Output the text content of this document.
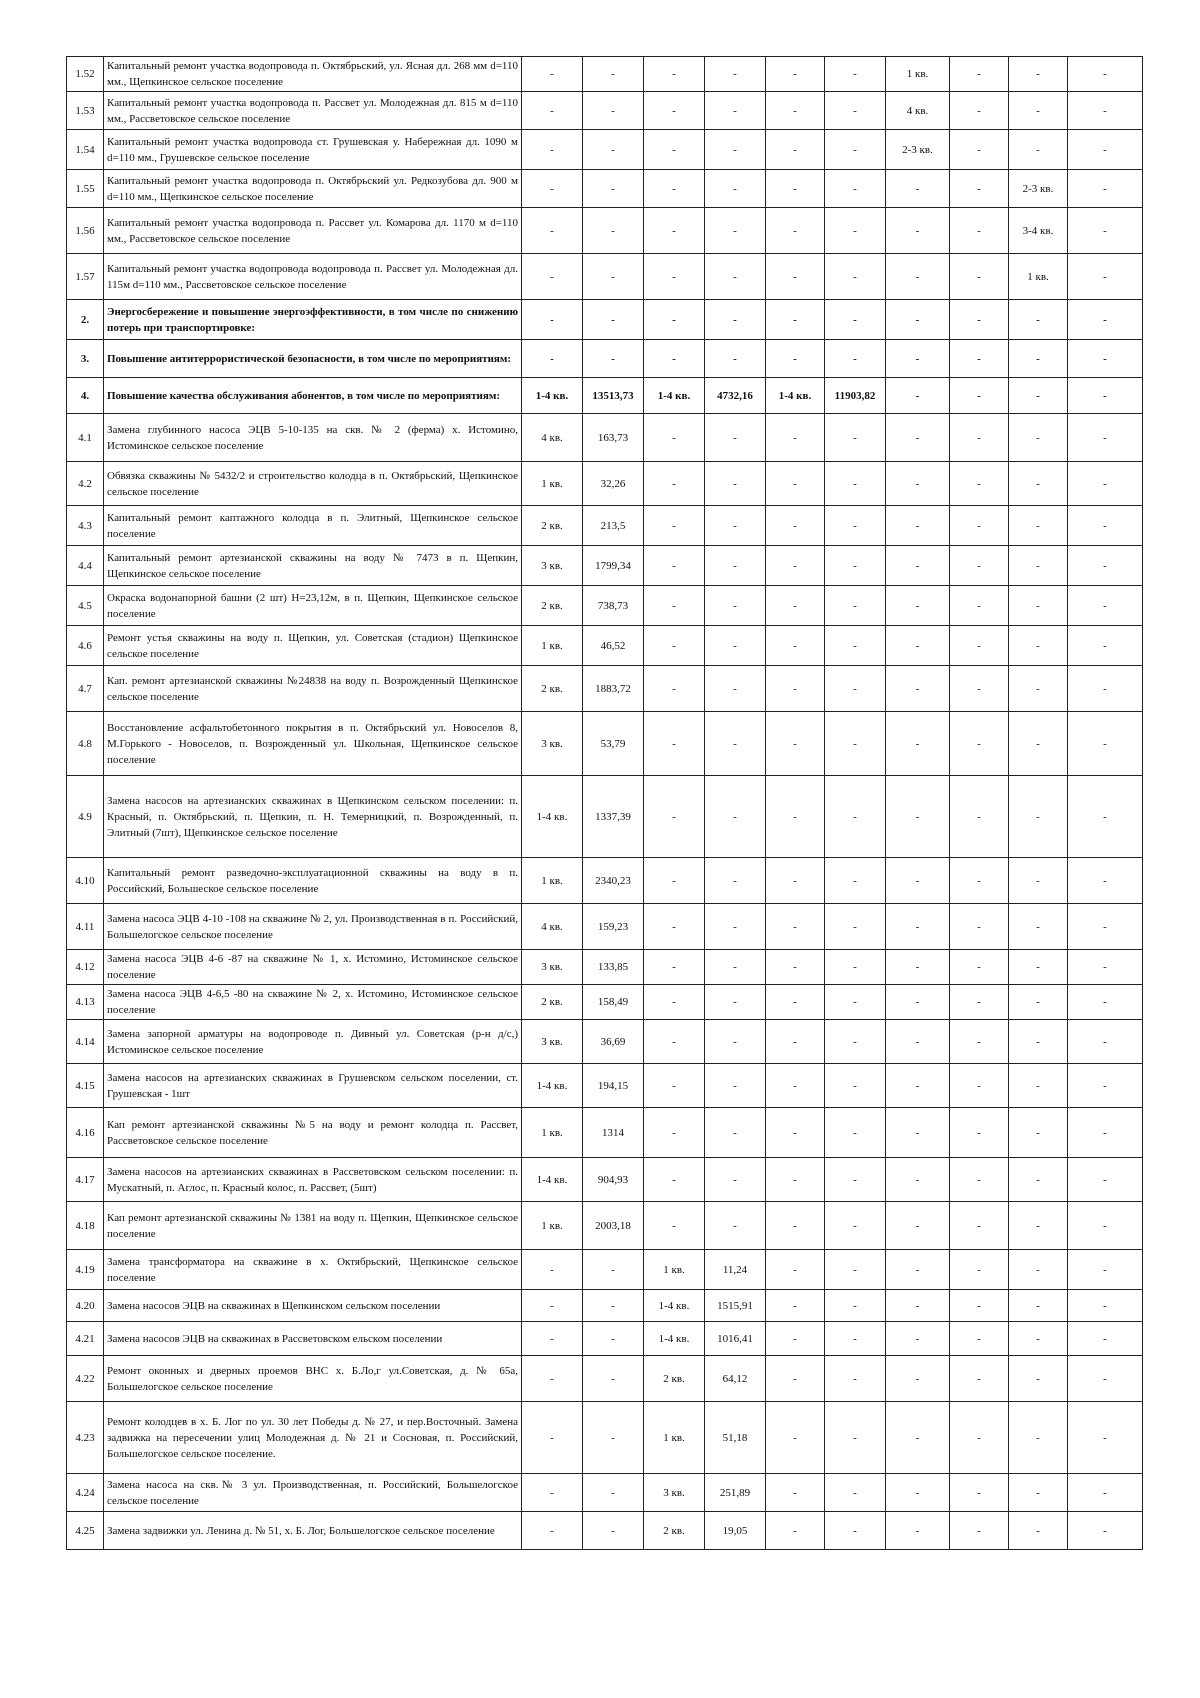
1.52	Капитальный ремонт участка водопровода п. Октябрьский, ул. Ясная дл. 268 мм d=110 мм., Щепкинское сельское поселение	-	-	-	-	-	-	1 кв.	-	-	-
1.53	Капитальный ремонт участка водопровода п. Рассвет ул. Молодежная дл. 815 м d=110 мм., Рассветовское сельское поселение	-	-	-	-	-	-	4 кв.	-	-	-
1.54	Капитальный ремонт участка водопровода ст. Грушевская у. Набережная дл. 1090 м d=110 мм., Грушевское сельское поселение	-	-	-	-	-	-	2-3 кв.	-	-	-
1.55	Капитальный ремонт участка водопровода п. Октябрьский ул. Редкозубова дл. 900 м d=110 мм., Щепкинское сельское поселение	-	-	-	-	-	-	-	-	2-3 кв.	-
1.56	Капитальный ремонт участка водопровода п. Рассвет ул. Комарова дл. 1170 м d=110 мм., Рассветовское сельское поселение	-	-	-	-	-	-	-	-	3-4 кв.	-
1.57	Капитальный ремонт участка водопровода водопровода п. Рассвет ул. Молодежная дл. 115м d=110 мм., Рассветовское сельское поселение	-	-	-	-	-	-	-	-	1 кв.	-
2.	Энергосбережение и повышение энергоэффективности, в том числе по снижению потерь при транспортировке:	-	-	-	-	-	-	-	-	-	-
3.	Повышение антитеррористической безопасности, в том числе по мероприятиям:	-	-	-	-	-	-	-	-	-	-
4.	Повышение качества обслуживания абонентов, в том числе по мероприятиям:	1-4 кв.	13513,73	1-4 кв.	4732,16	1-4 кв.	11903,82	-	-	-	-
4.1	Замена глубинного насоса ЭЦВ 5-10-135 на скв. № 2 (ферма) х. Истомино, Истоминское сельское поселение	4 кв.	163,73	-	-	-	-	-	-	-	-
4.2	Обвязка скважины № 5432/2 и строительство колодца в п. Октябрьский, Щепкинское сельское поселение	1 кв.	32,26	-	-	-	-	-	-	-	-
4.3	Капитальный ремонт каптажного колодца в п. Элитный, Щепкинское сельское поселение	2 кв.	213,5	-	-	-	-	-	-	-	-
4.4	Капитальный ремонт артезианской скважины на воду № 7473 в п. Щепкин, Щепкинское сельское поселение	3 кв.	1799,34	-	-	-	-	-	-	-	-
4.5	Окраска водонапорной башни (2 шт) Н=23,12м, в п. Щепкин, Щепкинское сельское поселение	2 кв.	738,73	-	-	-	-	-	-	-	-
4.6	Ремонт устья скважины на воду п. Щепкин, ул. Советская (стадион) Щепкинское сельское поселение	1 кв.	46,52	-	-	-	-	-	-	-	-
4.7	Кап. ремонт артезианской скважины №24838 на воду п. Возрожденный Щепкинское сельское поселение	2 кв.	1883,72	-	-	-	-	-	-	-	-
4.8	Восстановление асфальтобетонного покрытия в п. Октябрьский ул. Новоселов 8, М.Горького - Новоселов, п. Возрожденный ул. Школьная, Щепкинское сельское поселение	3 кв.	53,79	-	-	-	-	-	-	-	-
4.9	Замена насосов на артезианских скважинах в Щепкинском сельском поселении: п. Красный, п. Октябрьский, п. Щепкин, п. Н. Темерницкий, п. Возрожденный, п. Элитный (7шт), Щепкинское сельское поселение	1-4 кв.	1337,39	-	-	-	-	-	-	-	-
4.10	Капитальный ремонт разведочно-эксплуатационной скважины на воду в п. Российский, Большеское сельское поселение	1 кв.	2340,23	-	-	-	-	-	-	-	-
4.11	Замена насоса ЭЦВ 4-10 -108 на скважине № 2, ул. Производственная в п. Российский, Большелогское сельское поселение	4 кв.	159,23	-	-	-	-	-	-	-	-
4.12	Замена насоса ЭЦВ 4-6 -87 на скважине № 1, х. Истомино, Истоминское сельское поселение	3 кв.	133,85	-	-	-	-	-	-	-	-
4.13	Замена насоса ЭЦВ 4-6,5 -80 на скважине № 2, х. Истомино, Истоминское сельское поселение	2 кв.	158,49	-	-	-	-	-	-	-	-
4.14	Замена запорной арматуры на водопроводе п. Дивный ул. Советская (р-н д/с,) Истоминское сельское поселение	3 кв.	36,69	-	-	-	-	-	-	-	-
4.15	Замена насосов на артезианских скважинах в Грушевском сельском поселении, ст. Грушевская - 1шт	1-4 кв.	194,15	-	-	-	-	-	-	-	-
4.16	Кап ремонт артезианской скважины №5 на воду и ремонт колодца п. Рассвет, Рассветовское сельское поселение	1 кв.	1314	-	-	-	-	-	-	-	-
4.17	Замена насосов на артезианских скважинах в Рассветовском сельском поселении: п. Мускатный, п. Аглос, п. Красный колос, п. Рассвет, (5шт)	1-4 кв.	904,93	-	-	-	-	-	-	-	-
4.18	Кап ремонт артезианской скважины № 1381 на воду п. Щепкин, Щепкинское сельское поселение	1 кв.	2003,18	-	-	-	-	-	-	-	-
4.19	Замена трансформатора на скважине в х. Октябрьский, Щепкинское сельское поселение	-	-	1 кв.	11,24	-	-	-	-	-	-
4.20	Замена насосов ЭЦВ на скважинах в Щепкинском сельском поселении	-	-	1-4 кв.	1515,91	-	-	-	-	-	-
4.21	Замена насосов ЭЦВ на скважинах в Рассветовском ельском поселении	-	-	1-4 кв.	1016,41	-	-	-	-	-	-
4.22	Ремонт оконных и дверных проемов ВНС х. Б.Ло,г ул.Советская, д. № 65а, Большелогское сельское поселение	-	-	2 кв.	64,12	-	-	-	-	-	-
4.23	Ремонт колодцев в х. Б. Лог по ул. 30 лет Победы д. № 27, и пер.Восточный. Замена задвижка на пересечении улиц Молодежная д. № 21 и Сосновая, п. Российский, Большелогское сельское поселение.	-	-	1 кв.	51,18	-	-	-	-	-	-
4.24	Замена насоса на скв.№ 3 ул. Производственная, п. Российский, Большелогское сельское поселение	-	-	3 кв.	251,89	-	-	-	-	-	-
4.25	Замена задвижки ул. Ленина д. № 51, х. Б. Лог, Большелогское сельское поселение	-	-	2 кв.	19,05	-	-	-	-	-	-
